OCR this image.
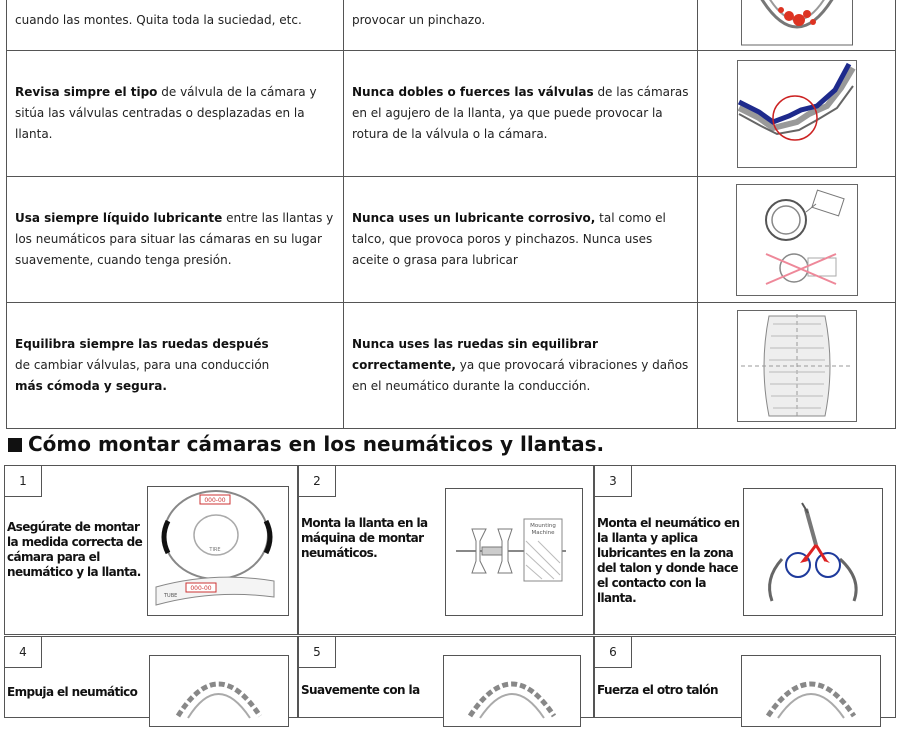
cuando las montes. Quita toda la suciedad, etc.	provocar un pinchazo.	

Revisa simpre el tipo de válvula de la cámara y sitúa las válvulas centradas o desplazadas en la llanta.	Nunca dobles o fuerces las válvulas de las cámaras en el agujero de la llanta, ya que puede provocar la rotura de la válvula o la cámara.	

Usa siempre líquido lubricante entre las llantas y los neumáticos para situar las cámaras en su lugar suavemente, cuando tenga presión.	Nunca uses un lubricante corrosivo, tal como el talco, que provoca poros y pinchazos. Nunca uses aceite o grasa para lubricar	

Equilibra siempre las ruedas después
de cambiar válvulas, para una conducción
más cómoda y segura.	Nunca uses las ruedas sin equilibrar correctamente, ya que provocará vibraciones y daños en el neumático durante la conducción.	
Cómo montar cámaras en los neumáticos y llantas.
1
Asegúrate de montar la medida correcta de cámara para el neumático y la llanta.
000-00
TIRE
TUBE
000-00
2
Monta la llanta en la máquina de montar neumáticos.
Mounting
Machine
3
Monta el neumático en la llanta y aplica lubricantes en la zona del talon y donde hace el contacto con la llanta.
4
Empuja el neumático
5
Suavemente con la
6
Fuerza el otro talón
